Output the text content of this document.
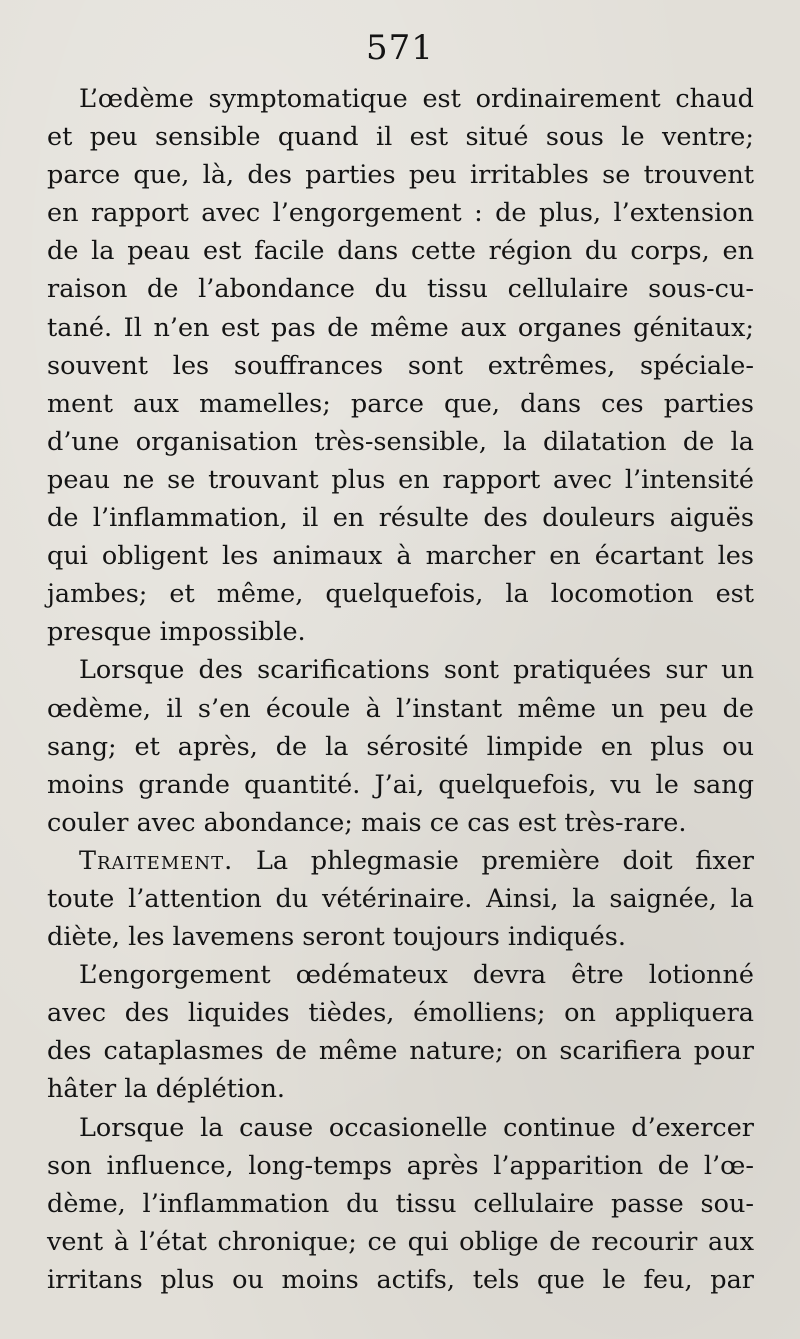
571
L’œdème symptomatique est ordinairement chaud
et peu sensible quand il est situé sous le ventre;
parce que, là, des parties peu irritables se trouvent
en rapport avec l’engorgement : de plus, l’extension
de la peau est facile dans cette région du corps, en
raison de l’abondance du tissu cellulaire sous-cu-
tané. Il n’en est pas de même aux organes génitaux;
souvent les souffrances sont extrêmes, spéciale-
ment aux mamelles; parce que, dans ces parties
d’une organisation très-sensible, la dilatation de la
peau ne se trouvant plus en rapport avec l’intensité
de l’inflammation, il en résulte des douleurs aiguës
qui obligent les animaux à marcher en écartant les
jambes; et même, quelquefois, la locomotion est
presque impossible.
Lorsque des scarifications sont pratiquées sur un
œdème, il s’en écoule à l’instant même un peu de
sang; et après, de la sérosité limpide en plus ou
moins grande quantité. J’ai, quelquefois, vu le sang
couler avec abondance; mais ce cas est très-rare.
Traitement. La phlegmasie première doit fixer
toute l’attention du vétérinaire. Ainsi, la saignée, la
diète, les lavemens seront toujours indiqués.
L’engorgement œdémateux devra être lotionné
avec des liquides tièdes, émolliens; on appliquera
des cataplasmes de même nature; on scarifiera pour
hâter la déplétion.
Lorsque la cause occasionelle continue d’exercer
son influence, long-temps après l’apparition de l’œ-
dème, l’inflammation du tissu cellulaire passe sou-
vent à l’état chronique; ce qui oblige de recourir aux
irritans plus ou moins actifs, tels que le feu, par
